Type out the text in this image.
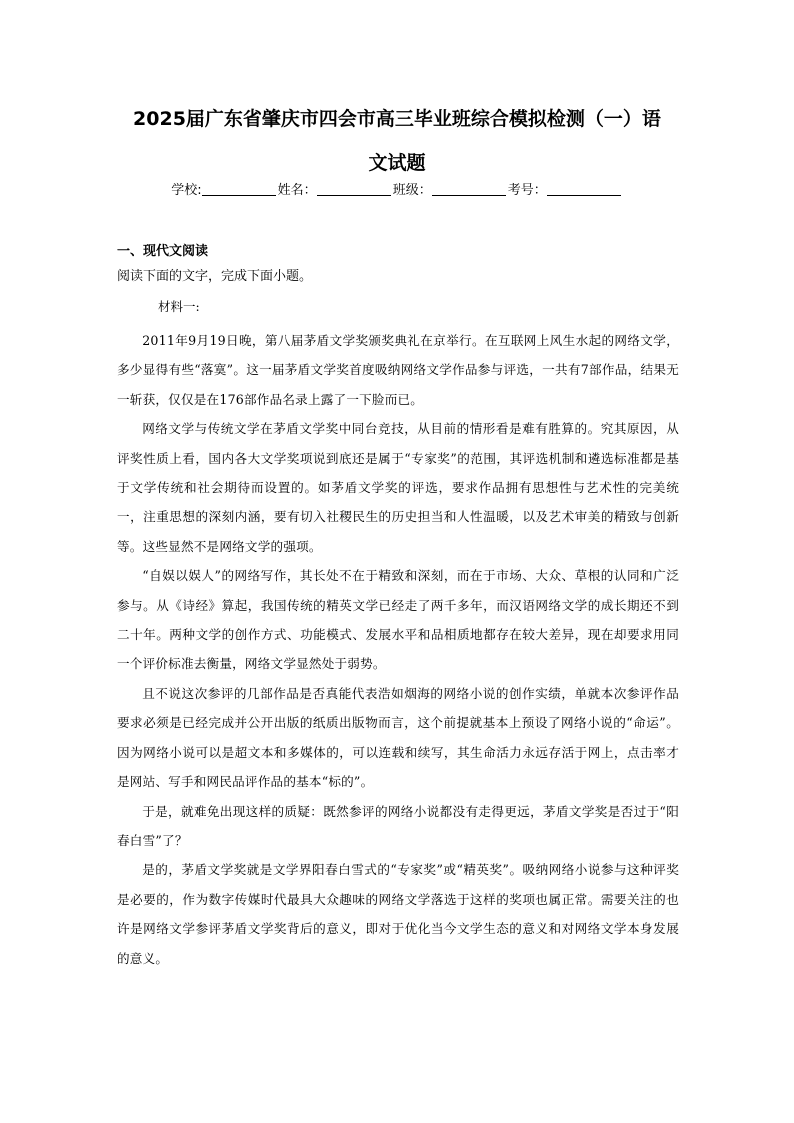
2025届广东省肇庆市四会市高三毕业班综合模拟检测（一）语
文试题
学校:	姓名：	班级：	考号：
一、现代文阅读
阅读下面的文字，完成下面小题。
材料一:

2011年9月19日晚，第八届茅盾文学奖颁奖典礼在京举行。在互联网上风生水起的网络文学，多少显得有些“落寞”。这一届茅盾文学奖首度吸纳网络文学作品参与评选，一共有7部作品，结果无一斩获，仅仅是在176部作品名录上露了一下脸而已。

网络文学与传统文学在茅盾文学奖中同台竞技，从目前的情形看是难有胜算的。究其原因，从评奖性质上看，国内各大文学奖项说到底还是属于“专家奖”的范围，其评选机制和遴选标准都是基于文学传统和社会期待而设置的。如茅盾文学奖的评选，要求作品拥有思想性与艺术性的完美统一，注重思想的深刻内涵，要有切入社稷民生的历史担当和人性温暖，以及艺术审美的精致与创新等。这些显然不是网络文学的强项。

“自娱以娱人”的网络写作，其长处不在于精致和深刻，而在于市场、大众、草根的认同和广泛参与。从《诗经》算起，我国传统的精英文学已经走了两千多年，而汉语网络文学的成长期还不到二十年。两种文学的创作方式、功能模式、发展水平和品相质地都存在较大差异，现在却要求用同一个评价标准去衡量，网络文学显然处于弱势。

且不说这次参评的几部作品是否真能代表浩如烟海的网络小说的创作实绩，单就本次参评作品要求必须是已经完成并公开出版的纸质出版物而言，这个前提就基本上预设了网络小说的“命运”。因为网络小说可以是超文本和多媒体的，可以连载和续写，其生命活力永远存活于网上，点击率才是网站、写手和网民品评作品的基本“标的”。

于是，就难免出现这样的质疑：既然参评的网络小说都没有走得更远，茅盾文学奖是否过于“阳春白雪”了？

是的，茅盾文学奖就是文学界阳春白雪式的“专家奖”或“精英奖”。吸纳网络小说参与这种评奖是必要的，作为数字传媒时代最具大众趣味的网络文学落选于这样的奖项也属正常。需要关注的也许是网络文学参评茅盾文学奖背后的意义，即对于优化当今文学生态的意义和对网络文学本身发展的意义。
